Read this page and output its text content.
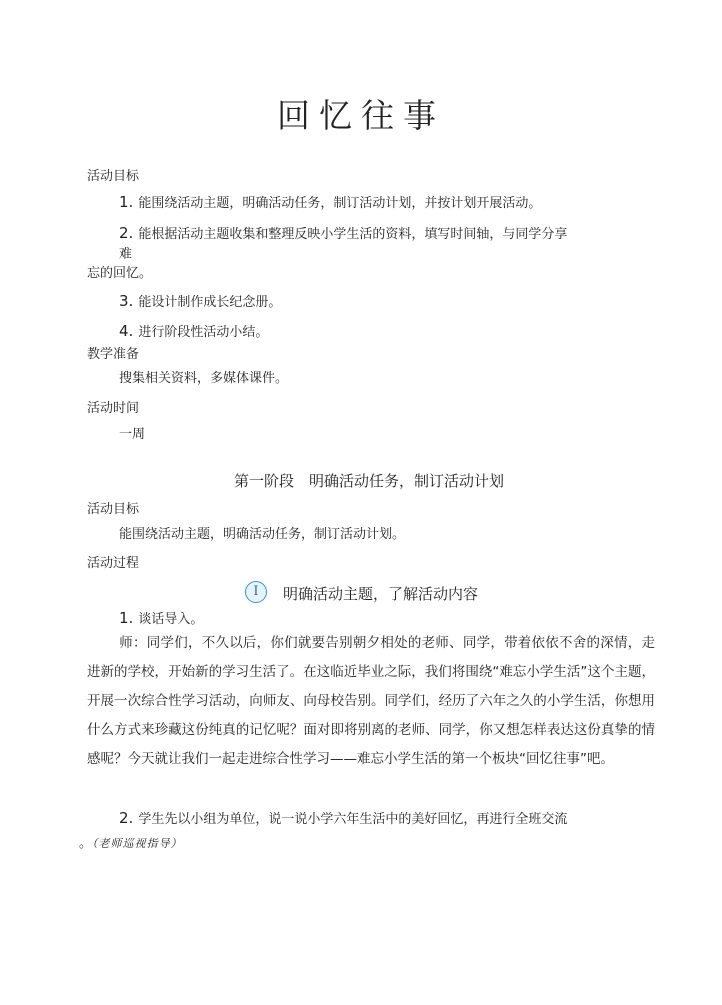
回忆往事
活动目标
1. 能围绕活动主题，明确活动任务，制订活动计划，并按计划开展活动。
2. 能根据活动主题收集和整理反映小学生活的资料，填写时间轴，与同学分享
难
忘的回忆。
3. 能设计制作成长纪念册。
4. 进行阶段性活动小结。
教学准备
搜集相关资料，多媒体课件。
活动时间
一周
第一阶段　明确活动任务，制订活动计划
活动目标
能围绕活动主题，明确活动任务，制订活动计划。
活动过程
I	明确活动主题，了解活动内容
1. 谈话导入。
师：同学们，不久以后，你们就要告别朝夕相处的老师、同学，带着依依不舍的深情，走进新的学校，开始新的学习生活了。在这临近毕业之际，我们将围绕“难忘小学生活”这个主题，开展一次综合性学习活动，向师友、向母校告别。同学们，经历了六年之久的小学生活，你想用什么方式来珍藏这份纯真的记忆呢？面对即将别离的老师、同学，你又想怎样表达这份真挚的情感呢？今天就让我们一起走进综合性学习——难忘小学生活的第一个板块“回忆往事”吧。
2. 学生先以小组为单位，说一说小学六年生活中的美好回忆，再进行全班交流
。（老师巡视指导）
